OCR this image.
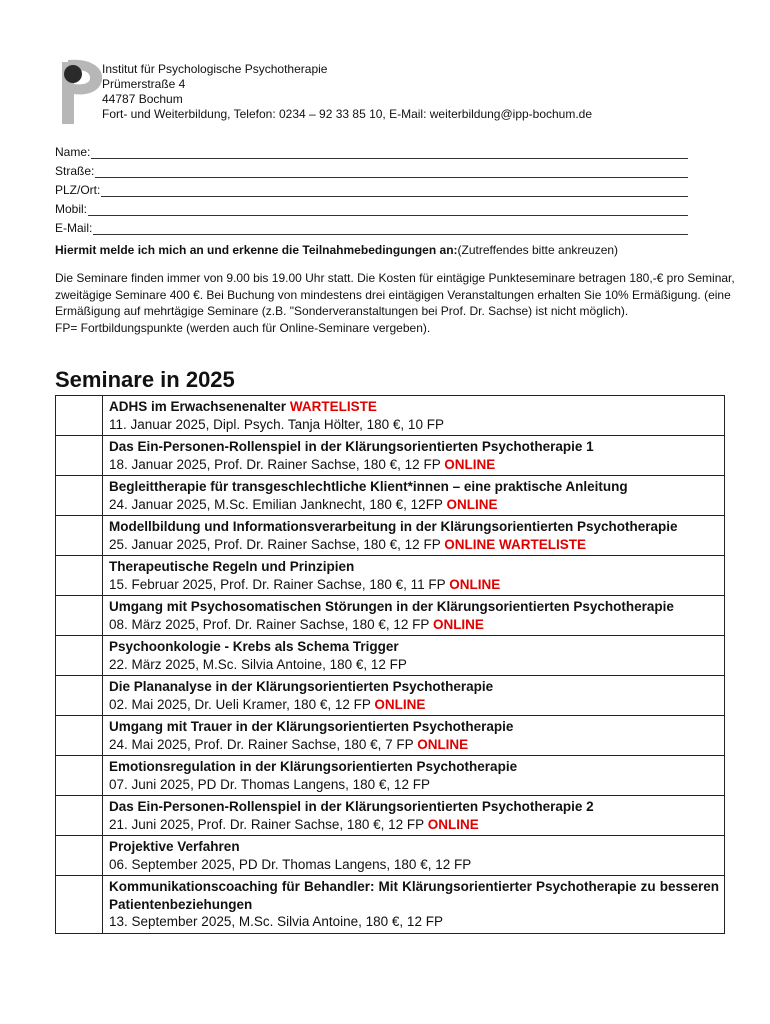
Institut für Psychologische Psychotherapie
Prümerstraße 4
44787 Bochum
Fort- und Weiterbildung, Telefon: 0234 – 92 33 85 10, E-Mail: weiterbildung@ipp-bochum.de
Name:
Straße:
PLZ/Ort:
Mobil:
E-Mail:
Hiermit melde ich mich an und erkenne die Teilnahmebedingungen an:(Zutreffendes bitte ankreuzen)

Die Seminare finden immer von 9.00 bis 19.00 Uhr statt. Die Kosten für eintägige Punkteseminare betragen 180,-€ pro Seminar, zweitägige Seminare 400 €. Bei Buchung von mindestens drei eintägigen Veranstaltungen erhalten Sie 10% Ermäßigung. (eine Ermäßigung auf mehrtägige Seminare (z.B. "Sonderveranstaltungen bei Prof. Dr. Sachse) ist nicht möglich).

FP= Fortbildungspunkte (werden auch für Online-Seminare vergeben).

Seminare in 2025
ADHS im Erwachsenenalter WARTELISTE
11. Januar 2025, Dipl. Psych. Tanja Hölter, 180 €, 10 FP

Das Ein-Personen-Rollenspiel in der Klärungsorientierten Psychotherapie 1
18. Januar 2025, Prof. Dr. Rainer Sachse, 180 €, 12 FP ONLINE

Begleittherapie für transgeschlechtliche Klient*innen – eine praktische Anleitung
24. Januar 2025, M.Sc. Emilian Janknecht, 180 €, 12FP ONLINE

Modellbildung und Informationsverarbeitung in der Klärungsorientierten Psychotherapie
25. Januar 2025, Prof. Dr. Rainer Sachse, 180 €, 12 FP ONLINE WARTELISTE

Therapeutische Regeln und Prinzipien
15. Februar 2025, Prof. Dr. Rainer Sachse, 180 €, 11 FP ONLINE

Umgang mit Psychosomatischen Störungen in der Klärungsorientierten Psychotherapie
08. März 2025, Prof. Dr. Rainer Sachse, 180 €, 12 FP ONLINE

Psychoonkologie - Krebs als Schema Trigger
22. März 2025, M.Sc. Silvia Antoine, 180 €, 12 FP

Die Plananalyse in der Klärungsorientierten Psychotherapie
02. Mai 2025, Dr. Ueli Kramer, 180 €, 12 FP ONLINE

Umgang mit Trauer in der Klärungsorientierten Psychotherapie
24. Mai 2025, Prof. Dr. Rainer Sachse, 180 €, 7 FP ONLINE

Emotionsregulation in der Klärungsorientierten Psychotherapie
07. Juni 2025, PD Dr. Thomas Langens, 180 €, 12 FP

Das Ein-Personen-Rollenspiel in der Klärungsorientierten Psychotherapie 2
21. Juni 2025, Prof. Dr. Rainer Sachse, 180 €, 12 FP ONLINE

Projektive Verfahren
06. September 2025, PD Dr. Thomas Langens, 180 €, 12 FP

Kommunikationscoaching für Behandler: Mit Klärungsorientierter Psychotherapie zu besseren Patientenbeziehungen
13. September 2025, M.Sc. Silvia Antoine, 180 €, 12 FP
